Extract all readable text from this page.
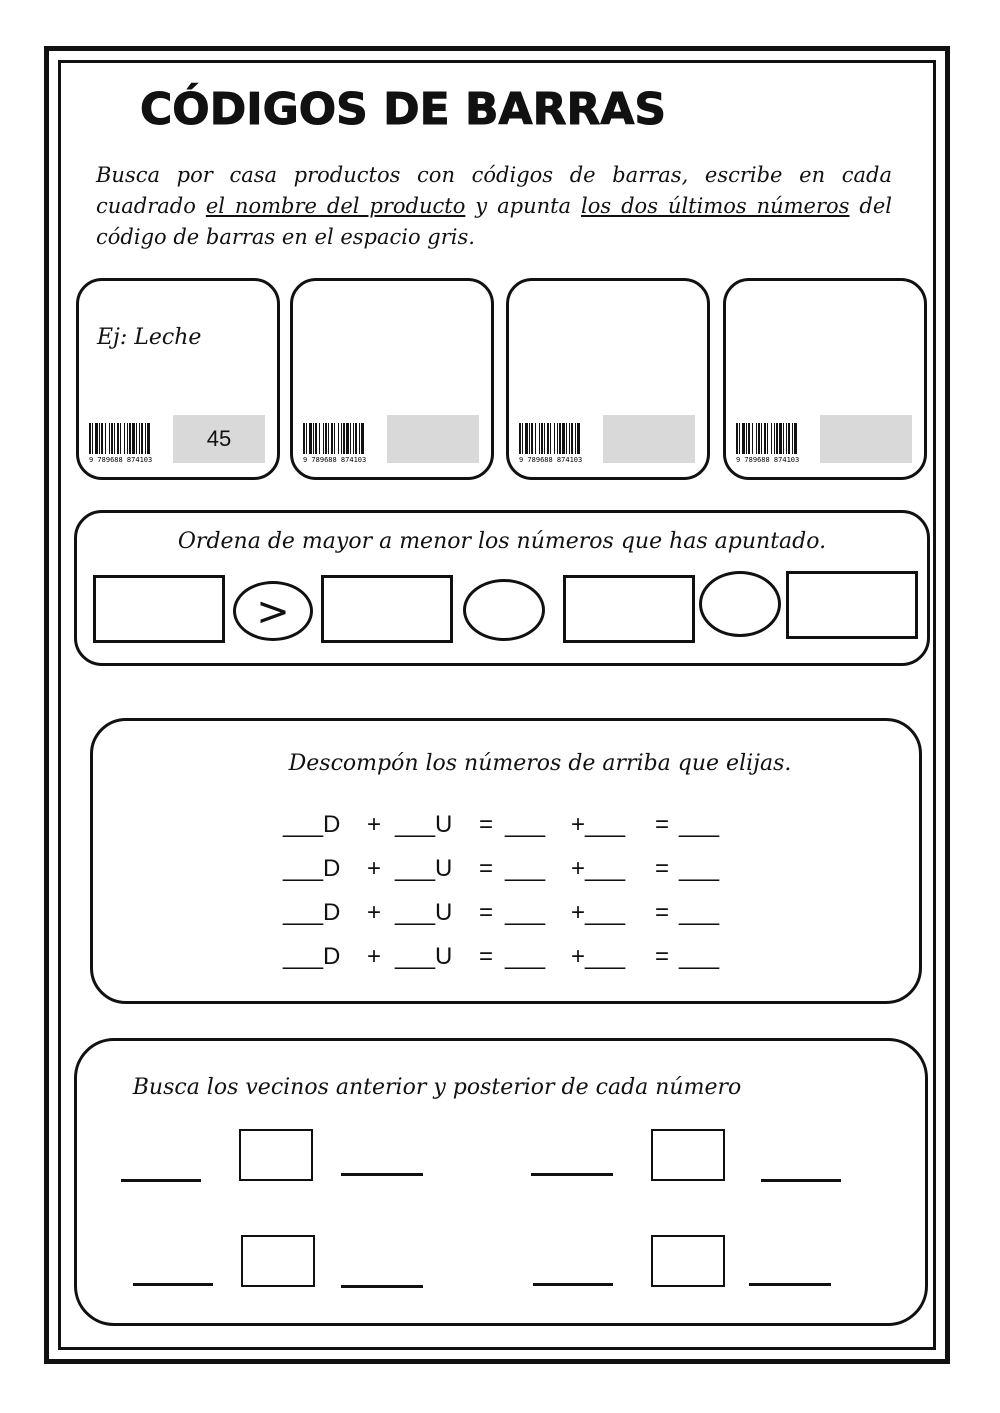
CÓDIGOS DE BARRAS
Busca por casa productos con códigos de barras, escribe en cada cuadrado el nombre del producto y apunta los dos últimos números del código de barras en el espacio gris.
Ej: Leche
9 789688 874103
45
9 789688 874103	9 789688 874103	9 789688 874103
Ordena de mayor a menor los números que has apuntado.
>
Descompón los números de arriba que elijas.
___D + ___U = ___ +___ = ___
___D + ___U = ___ +___ = ___
___D + ___U = ___ +___ = ___
___D + ___U = ___ +___ = ___
Busca los vecinos anterior y posterior de cada número
